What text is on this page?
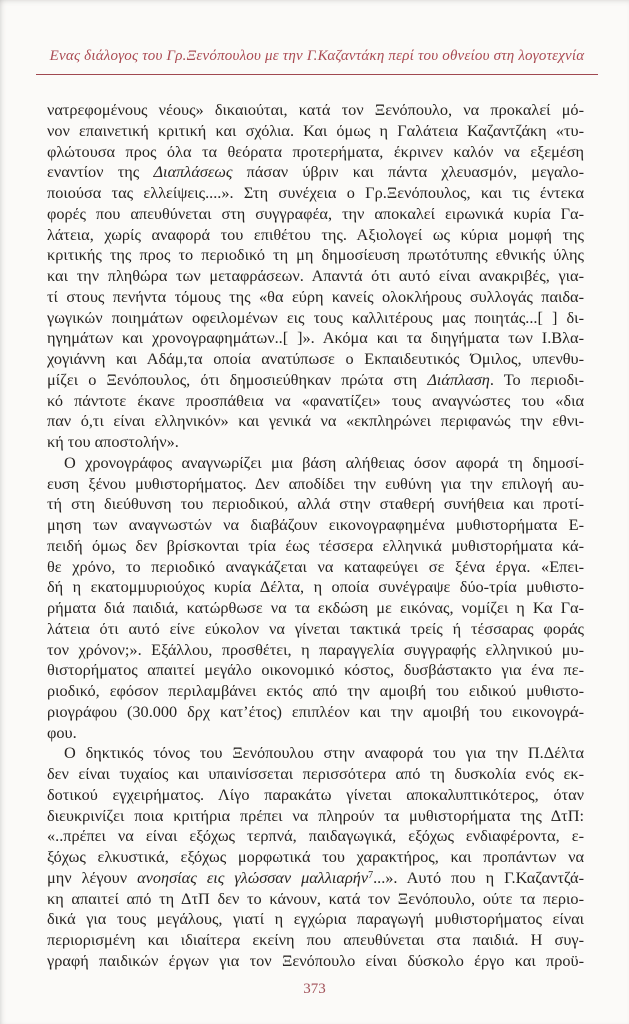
Ενας διάλογος του Γρ.Ξενόπουλου με την Γ.Καζαντάκη περί του οθνείου στη λογοτεχνία
νατρεφομένους νέους» δικαιούται, κατά τον Ξενόπουλο, να προκαλεί μό-
νον επαινετική κριτική και σχόλια. Και όμως η Γαλάτεια Καζαντζάκη «τυ-
φλώτουσα προς όλα τα θεόρατα προτερήματα, έκρινεν καλόν να εξεμέση
εναντίον της Διαπλάσεως πάσαν ύβριν και πάντα χλευασμόν, μεγαλο-
ποιούσα τας ελλείψεις....». Στη συνέχεια ο Γρ.Ξενόπουλος, και τις έντεκα
φορές που απευθύνεται στη συγγραφέα, την αποκαλεί ειρωνικά κυρία Γα-
λάτεια, χωρίς αναφορά του επιθέτου της. Αξιολογεί ως κύρια μομφή της
κριτικής της προς το περιοδικό τη μη δημοσίευση πρωτότυπης εθνικής ύλης
και την πληθώρα των μεταφράσεων. Απαντά ότι αυτό είναι ανακριβές, για-
τί στους πενήντα τόμους της «θα εύρη κανείς ολοκλήρους συλλογάς παιδα-
γωγικών ποιημάτων οφειλομένων εις τους καλλιτέρους μας ποιητάς...[ ] δι-
ηγημάτων και χρονογραφημάτων..[ ]». Ακόμα και τα διηγήματα των Ι.Βλα-
χογιάννη και Αδάμ,τα οποία ανατύπωσε ο Εκπαιδευτικός Όμιλος, υπενθυ-
μίζει ο Ξενόπουλος, ότι δημοσιεύθηκαν πρώτα στη Διάπλαση. Το περιοδι-
κό πάντοτε έκανε προσπάθεια να «φανατίζει» τους αναγνώστες του «δια
παν ό,τι είναι ελληνικόν» και γενικά να «εκπληρώνει περιφανώς την εθνι-
κή του αποστολήν».
Ο χρονογράφος αναγνωρίζει μια βάση αλήθειας όσον αφορά τη δημοσί-
ευση ξένου μυθιστορήματος. Δεν αποδίδει την ευθύνη για την επιλογή αυ-
τή στη διεύθυνση του περιοδικού, αλλά στην σταθερή συνήθεια και προτί-
μηση των αναγνωστών να διαβάζουν εικονογραφημένα μυθιστορήματα Ε-
πειδή όμως δεν βρίσκονται τρία έως τέσσερα ελληνικά μυθιστορήματα κά-
θε χρόνο, το περιοδικό αναγκάζεται να καταφεύγει σε ξένα έργα. «Επει-
δή η εκατομμυριούχος κυρία Δέλτα, η οποία συνέγραψε δύο-τρία μυθιστο-
ρήματα διά παιδιά, κατώρθωσε να τα εκδώση με εικόνας, νομίζει η Κα Γα-
λάτεια ότι αυτό είνε εύκολον να γίνεται τακτικά τρείς ή τέσσαρας φοράς
τον χρόνον;». Εξάλλου, προσθέτει, η παραγγελία συγγραφής ελληνικού μυ-
θιστορήματος απαιτεί μεγάλο οικονομικό κόστος, δυσβάστακτο για ένα πε-
ριοδικό, εφόσον περιλαμβάνει εκτός από την αμοιβή του ειδικού μυθιστο-
ριογράφου (30.000 δρχ κατ’έτος) επιπλέον και την αμοιβή του εικονογρά-
φου.
Ο δηκτικός τόνος του Ξενόπουλου στην αναφορά του για την Π.Δέλτα
δεν είναι τυχαίος και υπαινίσσεται περισσότερα από τη δυσκολία ενός εκ-
δοτικού εγχειρήματος. Λίγο παρακάτω γίνεται αποκαλυπτικότερος, όταν
διευκρινίζει ποια κριτήρια πρέπει να πληρούν τα μυθιστορήματα της ΔτΠ:
«..πρέπει να είναι εξόχως τερπνά, παιδαγωγικά, εξόχως ενδιαφέροντα, ε-
ξόχως ελκυστικά, εξόχως μορφωτικά του χαρακτήρος, και προπάντων να
μην λέγουν ανοησίας εις γλώσσαν μαλλιαρήν$^7$...». Αυτό που η Γ.Καζαντζά-
κη απαιτεί από τη ΔτΠ δεν το κάνουν, κατά τον Ξενόπουλο, ούτε τα περιο-
δικά για τους μεγάλους, γιατί η εγχώρια παραγωγή μυθιστορήματος είναι
περιορισμένη και ιδιαίτερα εκείνη που απευθύνεται στα παιδιά. Η συγ-
γραφή παιδικών έργων για τον Ξενόπουλο είναι δύσκολο έργο και προϋ-
373
